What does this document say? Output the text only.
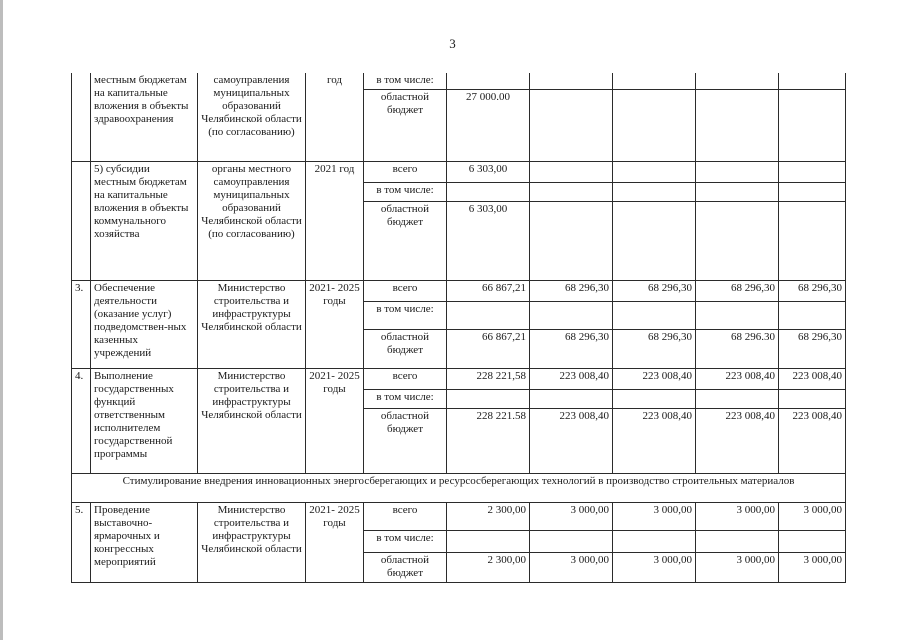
3
	местным бюджетам на капитальные вложения в объекты здравоохранения	самоуправления муниципальных образований Челябинской области (по согласованию)	год	в том числе:					
				областной бюджет	27 000.00				
	5) субсидии местным бюджетам на капитальные вложения в объекты коммунального хозяйства	органы местного самоуправления муниципальных образований Челябинской области (по согласованию)	2021 год	всего	6 303,00				
				в том числе:					
				областной бюджет	6 303,00				
3.	Обеспечение деятельности (оказание услуг) подведомствен-ных казенных учреждений	Министерство строительства и инфраструктуры Челябинской области	2021- 2025 годы	всего	66 867,21	68 296,30	68 296,30	68 296,30	68 296,30
				в том числе:					
				областной бюджет	66 867,21	68 296,30	68 296,30	68 296.30	68 296,30
4.	Выполнение государственных функций ответственным исполнителем государственной программы	Министерство строительства и инфраструктуры Челябинской области	2021- 2025 годы	всего	228 221,58	223 008,40	223 008,40	223 008,40	223 008,40
				в том числе:					
				областной бюджет	228 221.58	223 008,40	223 008,40	223 008,40	223 008,40
Стимулирование внедрения инновационных энергосберегающих и ресурсосберегающих технологий в производство строительных материалов									
5.	Проведение выставочно-ярмарочных и конгрессных мероприятий	Министерство строительства и инфраструктуры Челябинской области	2021- 2025 годы	всего	2 300,00	3 000,00	3 000,00	3 000,00	3 000,00
				в том числе:					
				областной бюджет	2 300,00	3 000,00	3 000,00	3 000,00	3 000,00
